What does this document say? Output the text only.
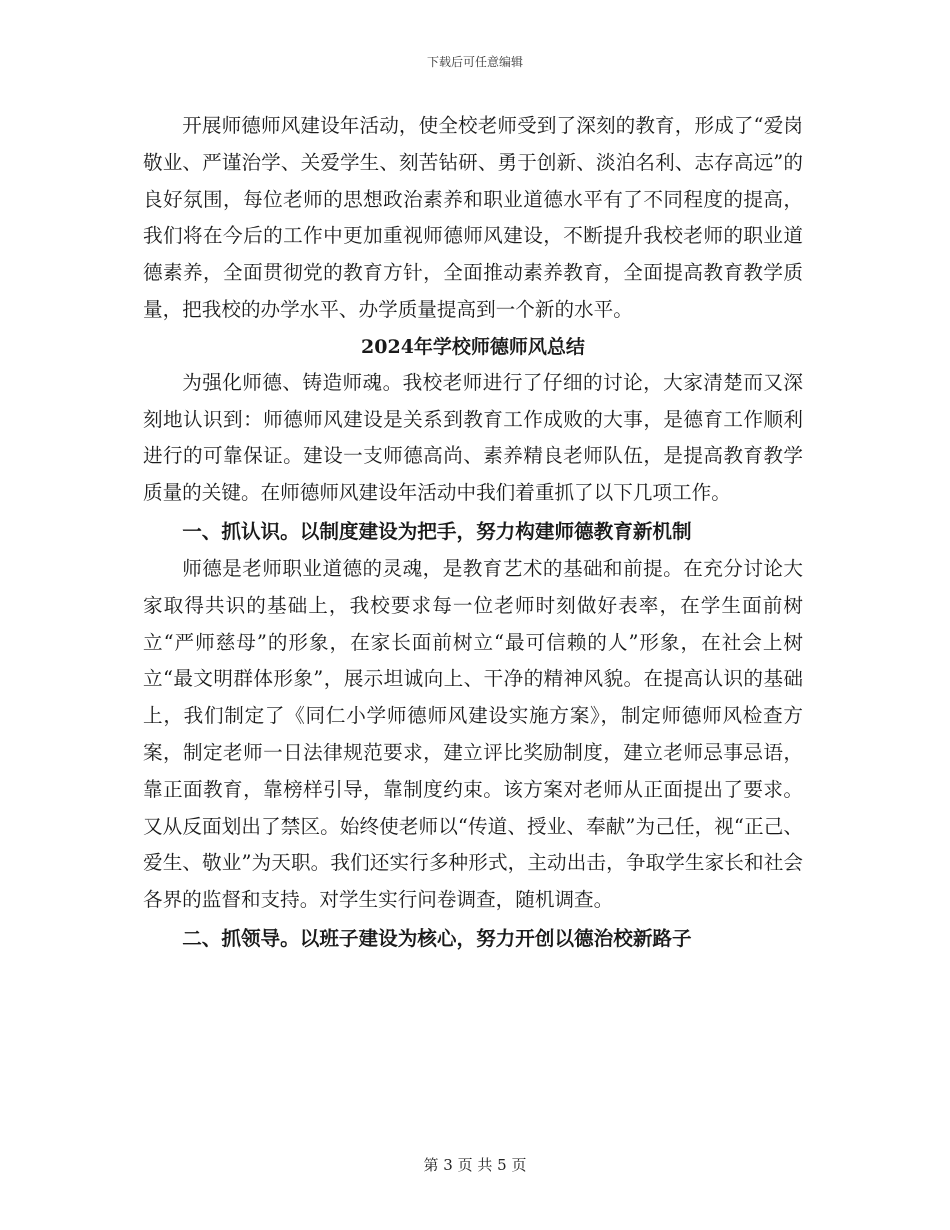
下载后可任意编辑

开展师德师风建设年活动，使全校老师受到了深刻的教育，形成了“爱岗敬业、严谨治学、关爱学生、刻苦钻研、勇于创新、淡泊名利、志存高远”的良好氛围，每位老师的思想政治素养和职业道德水平有了不同程度的提高，我们将在今后的工作中更加重视师德师风建设，不断提升我校老师的职业道德素养，全面贯彻党的教育方针，全面推动素养教育，全面提高教育教学质量，把我校的办学水平、办学质量提高到一个新的水平。

2024年学校师德师风总结

为强化师德、铸造师魂。我校老师进行了仔细的讨论，大家清楚而又深刻地认识到：师德师风建设是关系到教育工作成败的大事，是德育工作顺利进行的可靠保证。建设一支师德高尚、素养精良老师队伍，是提高教育教学质量的关键。在师德师风建设年活动中我们着重抓了以下几项工作。

一、抓认识。以制度建设为把手，努力构建师德教育新机制

师德是老师职业道德的灵魂，是教育艺术的基础和前提。在充分讨论大家取得共识的基础上，我校要求每一位老师时刻做好表率，在学生面前树立“严师慈母”的形象，在家长面前树立“最可信赖的人”形象，在社会上树立“最文明群体形象”，展示坦诚向上、干净的精神风貌。在提高认识的基础上，我们制定了《同仁小学师德师风建设实施方案》，制定师德师风检查方案，制定老师一日法律规范要求，建立评比奖励制度，建立老师忌事忌语，靠正面教育，靠榜样引导，靠制度约束。该方案对老师从正面提出了要求。又从反面划出了禁区。始终使老师以“传道、授业、奉献”为己任，视“正己、爱生、敬业”为天职。我们还实行多种形式，主动出击，争取学生家长和社会各界的监督和支持。对学生实行问卷调查，随机调查。

二、抓领导。以班子建设为核心，努力开创以德治校新路子

第 3 页 共 5 页
